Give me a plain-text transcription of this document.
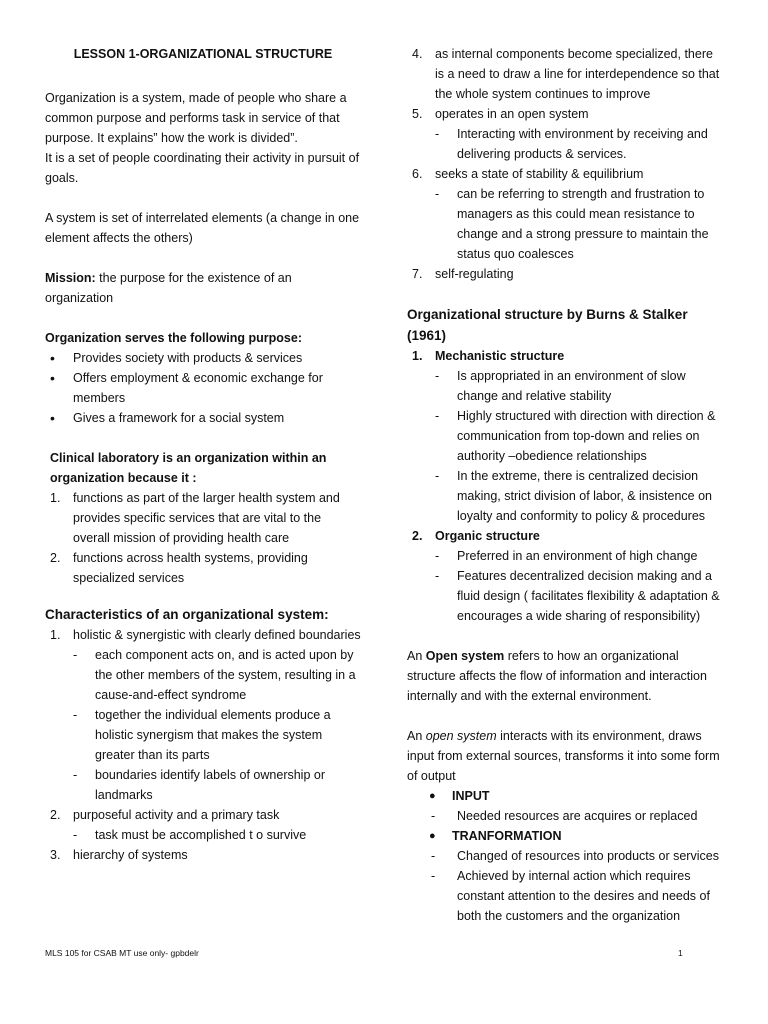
LESSON 1-ORGANIZATIONAL STRUCTURE

Organization is a system, made of people who share a common purpose and performs task in service of that purpose. It explains” how the work is divided”.

It is a set of people coordinating their activity in pursuit of goals.

A system is set of interrelated elements (a change in one element affects the others)

Mission: the purpose for the existence of an organization

Organization serves the following purpose:

• Provides society with products & services
• Offers employment & economic exchange for members
• Gives a framework for a social system

Clinical laboratory is an organization within an organization because it :

1. functions as part of the larger health system and provides specific services that are vital to the overall mission of providing health care
2. functions across health systems, providing specialized services

Characteristics of an organizational system:

1. holistic & synergistic with clearly defined boundaries
- each component acts on, and is acted upon by the other members of the system, resulting in a cause-and-effect syndrome
- together the individual elements produce a holistic synergism that makes the system greater than its parts
- boundaries identify labels of ownership or landmarks
2. purposeful activity and a primary task
- task must be accomplished t o survive
3. hierarchy of systems
4. as internal components become specialized, there is a need to draw a line for interdependence so that the whole system continues to improve
5. operates in an open system
- Interacting with environment by receiving and delivering products & services.
6. seeks a state of stability & equilibrium
- can be referring to strength and frustration to managers as this could mean resistance to change and a strong pressure to maintain the status quo coalesces
7. self-regulating

Organizational structure by Burns & Stalker (1961)

1. Mechanistic structure
- Is appropriated in an environment of slow change and relative stability
- Highly structured with direction with direction & communication from top-down and relies on authority –obedience relationships
- In the extreme, there is centralized decision making, strict division of labor, & insistence on loyalty and conformity to policy & procedures
2. Organic structure
- Preferred in an environment of high change
- Features decentralized decision making and a fluid design ( facilitates flexibility & adaptation & encourages a wide sharing of responsibility)

An Open system refers to how an organizational structure affects the flow of information and interaction internally and with the external environment.

An open system interacts with its environment, draws input from external sources, transforms it into some form of output

● INPUT
- Needed resources are acquires or replaced
● TRANFORMATION
- Changed of resources into products or services
- Achieved by internal action which requires constant attention to the desires and needs of both the customers and the organization
MLS 105 for CSAB MT use only- gpbdelr	1
